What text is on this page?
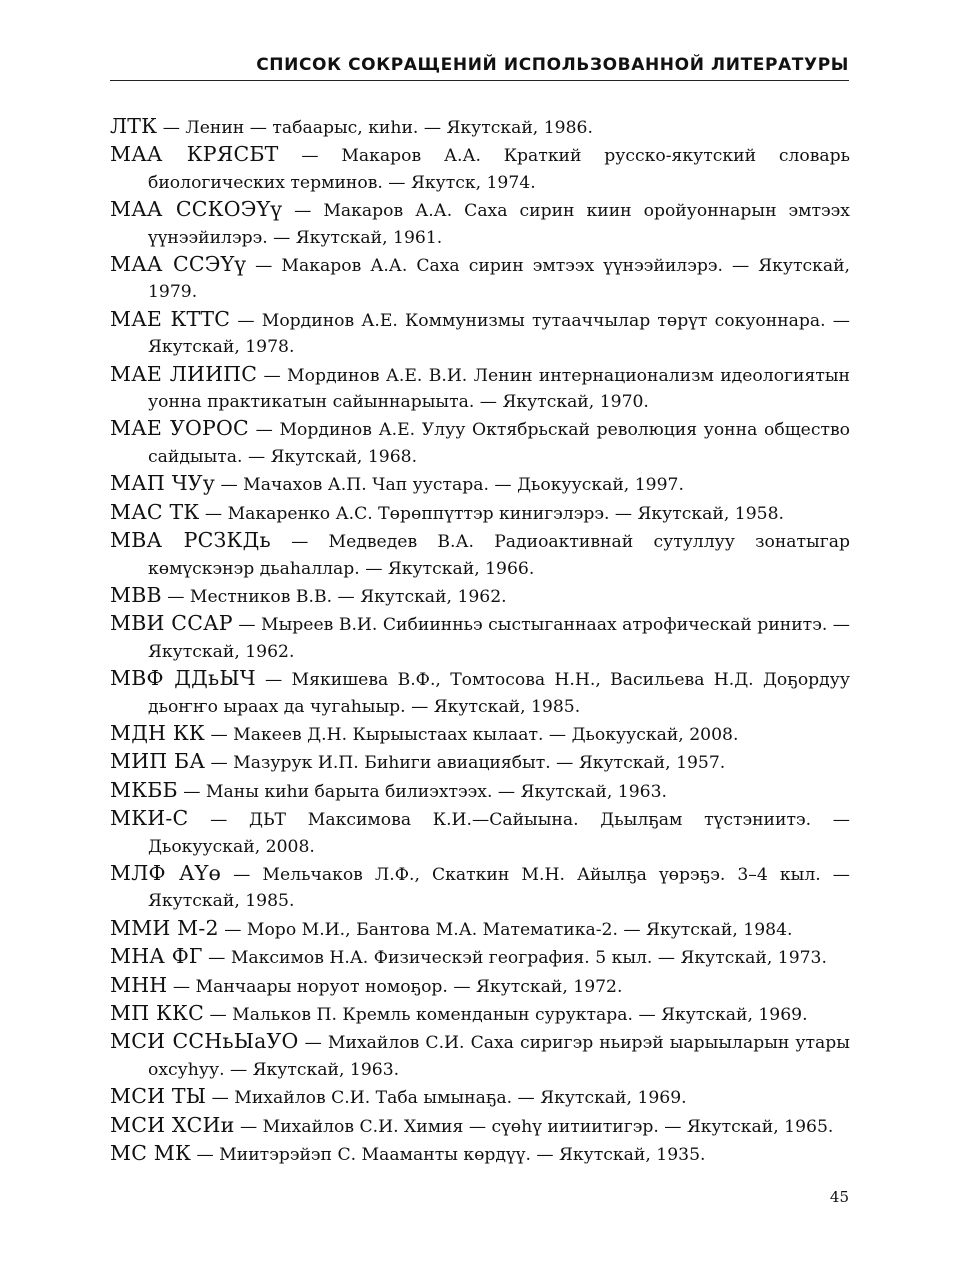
СПИСОК СОКРАЩЕНИЙ ИСПОЛЬЗОВАННОЙ ЛИТЕРАТУРЫ

ЛТК — Ленин — табаарыс, киhи. — Якутскай, 1986.

МАА КРЯСБТ — Макаров А.А. Краткий русско-якутский словарь биологических терминов. — Якутск, 1974.

МАА ССКОЭҮү — Макаров А.А. Саха сирин киин оройуоннарын эмтээх үүнээйилэрэ. — Якутскай, 1961.

МАА ССЭҮү — Макаров А.А. Саха сирин эмтээх үүнээйилэрэ. — Якутскай, 1979.

МАЕ КТТС — Мординов А.Е. Коммунизмы тутааччылар төрүт сокуоннара. — Якутскай, 1978.

МАЕ ЛИИПС — Мординов А.Е. В.И. Ленин интернационализм идеологиятын уонна практикатын сайыннарыыта. — Якутскай, 1970.

МАЕ УОРОС — Мординов А.Е. Улуу Октябрьскай революция уонна общество сайдыыта. — Якутскай, 1968.

МАП ЧУу — Мачахов А.П. Чап уустара. — Дьокуускай, 1997.

МАС ТК — Макаренко А.С. Төрөппүттэр кинигэлэрэ. — Якутскай, 1958.

МВА РСЗКДь — Медведев В.А. Радиоактивнай сутуллуу зонатыгар көмүскэнэр дьаhаллар. — Якутскай, 1966.

МВВ — Местников В.В. — Якутскай, 1962.

МВИ ССАР — Мыреев В.И. Сибиинньэ сыстыганнаах атрофическай ринитэ. — Якутскай, 1962.

МВФ ДДьЫЧ — Мякишева В.Ф., Томтосова Н.Н., Васильева Н.Д. Доҕордуу дьоҥҥо ыраах да чугаhыыр. — Якутскай, 1985.

МДН КК — Макеев Д.Н. Кырыыстаах кылаат. — Дьокуускай, 2008.

МИП БА — Мазурук И.П. Биhиги авиациябыт. — Якутскай, 1957.

МКББ — Маны киhи барыта билиэхтээх. — Якутскай, 1963.

МКИ-С — ДЬТ Максимова К.И.—Сайыына. Дьылҕам түстэниитэ. — Дьокуускай, 2008.

МЛФ АҮө — Мельчаков Л.Ф., Скаткин М.Н. Айылҕа үөрэҕэ. 3–4 кыл. — Якутскай, 1985.

ММИ М-2 — Моро М.И., Бантова М.А. Математика-2. — Якутскай, 1984.

МНА ФГ — Максимов Н.А. Физическэй география. 5 кыл. — Якутскай, 1973.

МНН — Манчаары норуот номоҕор. — Якутскай, 1972.

МП ККС — Мальков П. Кремль коменданын суруктара. — Якутскай, 1969.

МСИ ССНьЫаУО — Михайлов С.И. Саха сиригэр ньирэй ыарыыларын утары охсуhуу. — Якутскай, 1963.

МСИ ТЫ — Михайлов С.И. Таба ымынаҕа. — Якутскай, 1969.

МСИ ХСИи — Михайлов С.И. Химия — сүөhү иитиитигэр. — Якутскай, 1965.

МС МК — Миитэрэйэп С. Мааманты көрдүү. — Якутскай, 1935.

45
